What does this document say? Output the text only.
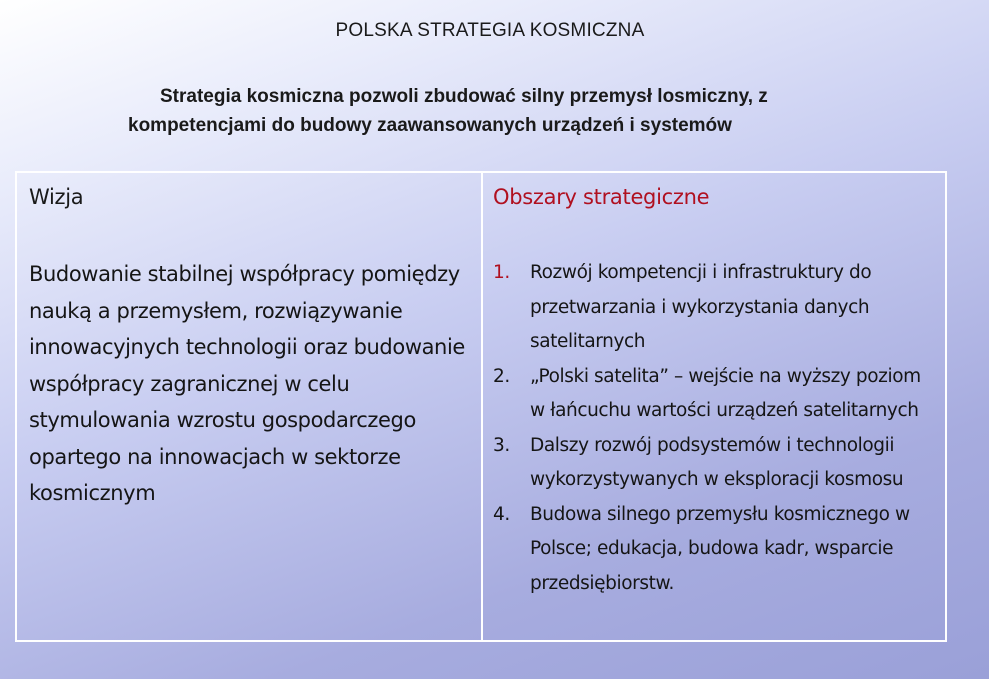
POLSKA STRATEGIA KOSMICZNA
Strategia kosmiczna pozwoli zbudować silny przemysł losmiczny, z
kompetencjami do budowy zaawansowanych urządzeń i systemów

Wizja

Budowanie stabilnej współpracy pomiędzy nauką a przemysłem, rozwiązywanie innowacyjnych technologii oraz budowanie współpracy zagranicznej w celu stymulowania wzrostu gospodarczego opartego na innowacjach w sektorze kosmicznym

Obszary strategiczne

1.	Rozwój kompetencji i infrastruktury do przetwarzania i wykorzystania danych satelitarnych
2.	„Polski satelita” – wejście na wyższy poziom w łańcuchu wartości urządzeń satelitarnych
3.	Dalszy rozwój podsystemów i technologii wykorzystywanych w eksploracji kosmosu
4.	Budowa silnego przemysłu kosmicznego w Polsce; edukacja, budowa kadr, wsparcie przedsiębiorstw.
